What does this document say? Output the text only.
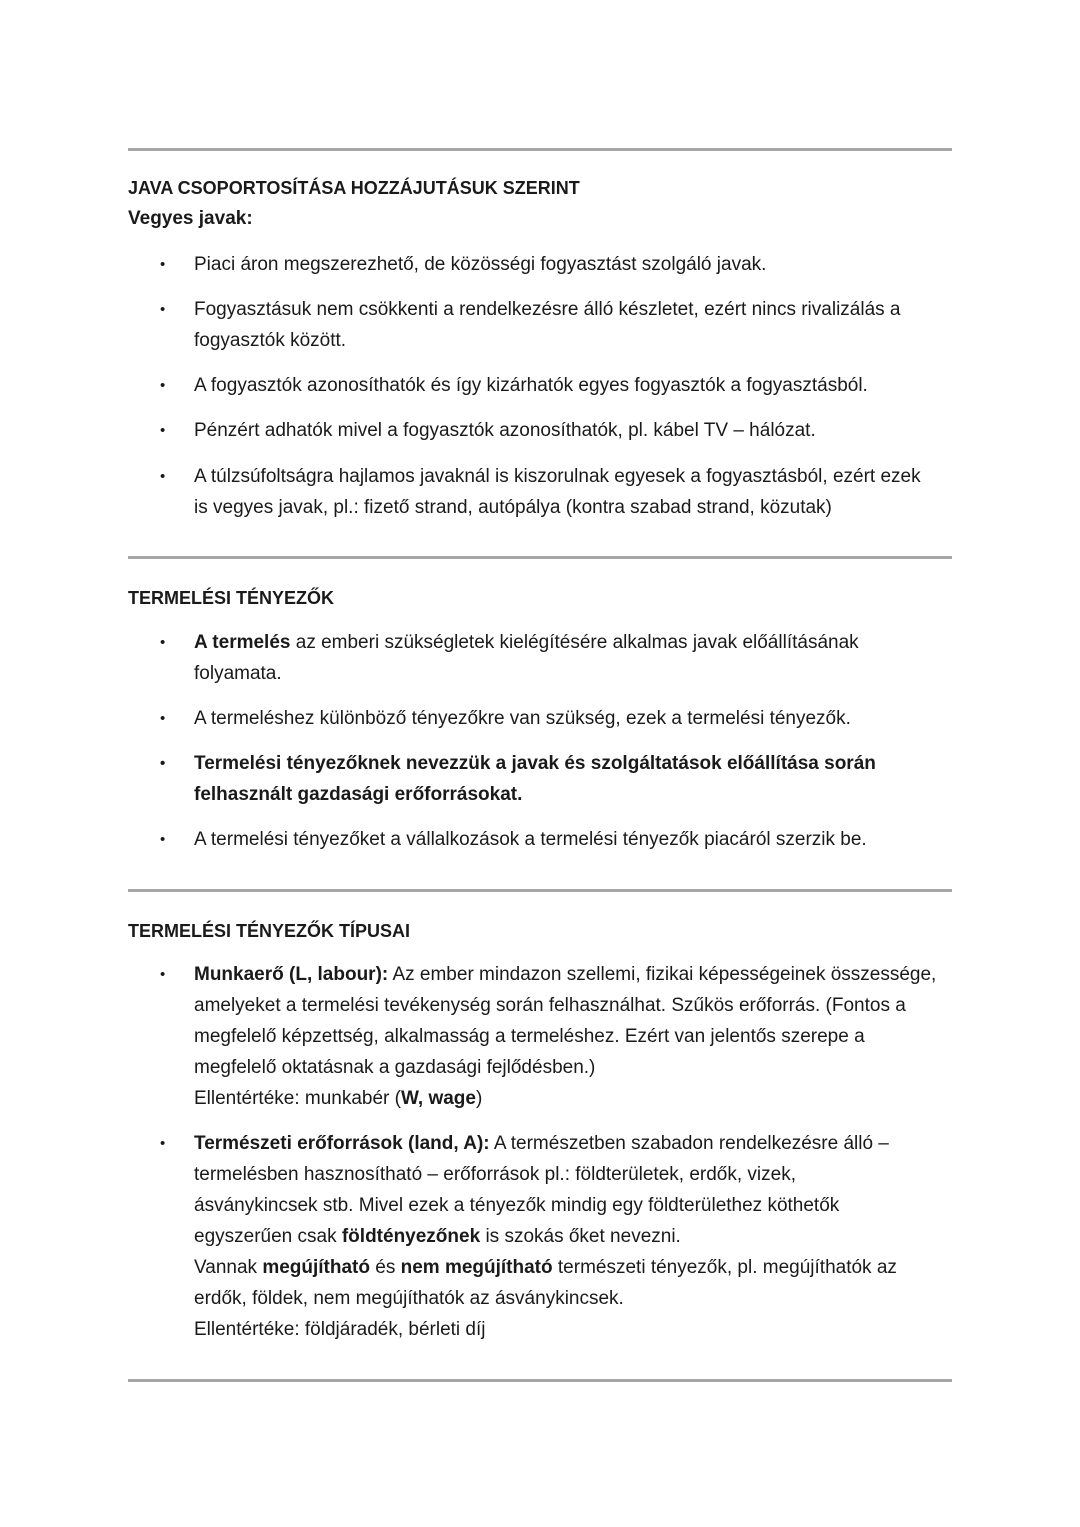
JAVA CSOPORTOSÍTÁSA HOZZÁJUTÁSUK SZERINT
Vegyes javak:
• Piaci áron megszerezhető, de közösségi fogyasztást szolgáló javak.
• Fogyasztásuk nem csökkenti a rendelkezésre álló készletet, ezért nincs rivalizálás a
fogyasztók között.
• A fogyasztók azonosíthatók és így kizárhatók egyes fogyasztók a fogyasztásból.
• Pénzért adhatók mivel a fogyasztók azonosíthatók, pl. kábel TV – hálózat.
• A túlzsúfoltságra hajlamos javaknál is kiszorulnak egyesek a fogyasztásból, ezért ezek
is vegyes javak, pl.: fizető strand, autópálya (kontra szabad strand, közutak)
TERMELÉSI TÉNYEZŐK
• A termelés az emberi szükségletek kielégítésére alkalmas javak előállításának
folyamata.
• A termeléshez különböző tényezőkre van szükség, ezek a termelési tényezők.
• Termelési tényezőknek nevezzük a javak és szolgáltatások előállítása során
felhasznált gazdasági erőforrásokat.
• A termelési tényezőket a vállalkozások a termelési tényezők piacáról szerzik be.
TERMELÉSI TÉNYEZŐK TÍPUSAI
• Munkaerő (L, labour): Az ember mindazon szellemi, fizikai képességeinek összessége,
amelyeket a termelési tevékenység során felhasználhat. Szűkös erőforrás. (Fontos a
megfelelő képzettség, alkalmasság a termeléshez. Ezért van jelentős szerepe a
megfelelő oktatásnak a gazdasági fejlődésben.)
Ellentértéke: munkabér (W, wage)
• Természeti erőforrások (land, A): A természetben szabadon rendelkezésre álló –
termelésben hasznosítható – erőforrások pl.: földterületek, erdők, vizek,
ásványkincsek stb. Mivel ezek a tényezők mindig egy földterülethez köthetők
egyszerűen csak földtényezőnek is szokás őket nevezni.
Vannak megújítható és nem megújítható természeti tényezők, pl. megújíthatók az
erdők, földek, nem megújíthatók az ásványkincsek.
Ellentértéke: földjáradék, bérleti díj
